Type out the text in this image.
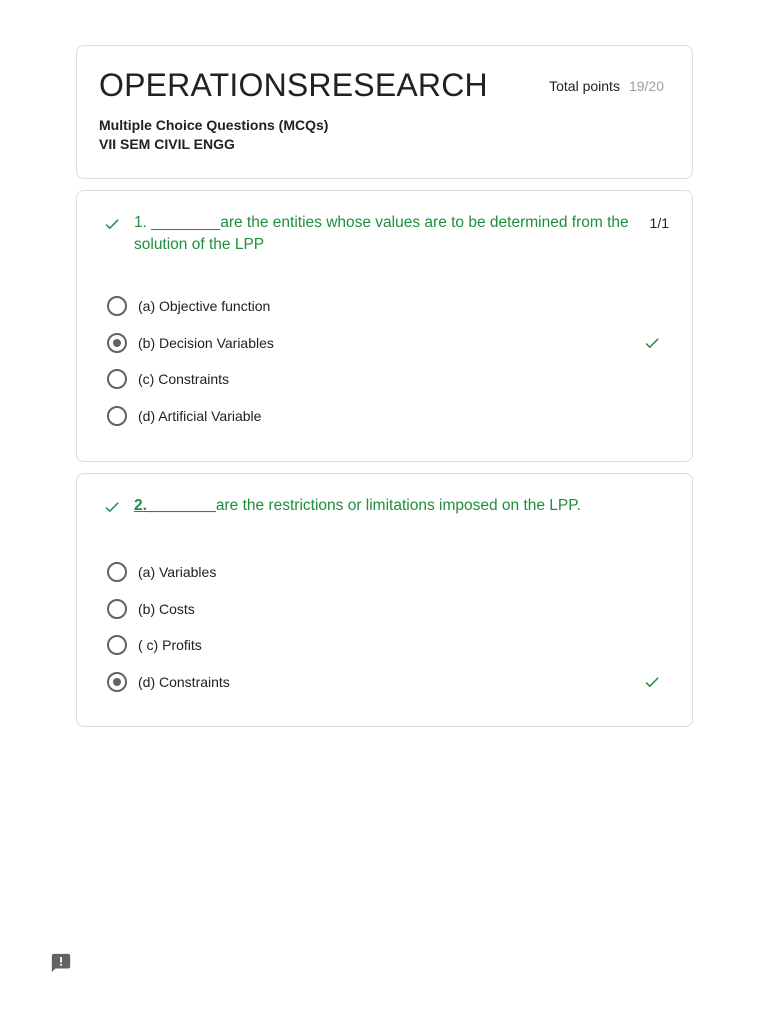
OPERATIONSRESEARCH	Total points 19/20
Multiple Choice Questions (MCQs)
VII SEM CIVIL ENGG
1. ________are the entities whose values are to be determined from the solution of the LPP
1/1
(a) Objective function
(b) Decision Variables
(c) Constraints
(d) Artificial Variable
2.________are the restrictions or limitations imposed on the LPP.
(a) Variables
(b) Costs
( c) Profits
(d) Constraints
